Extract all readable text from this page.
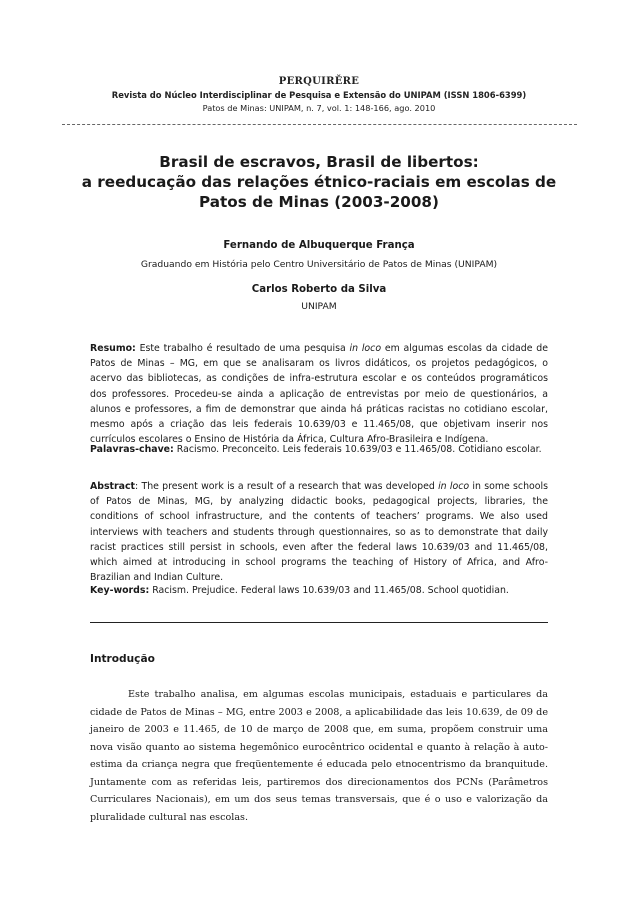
PERQUIRĚRE
Revista do Núcleo Interdisciplinar de Pesquisa e Extensão do UNIPAM (ISSN 1806-6399)
Patos de Minas: UNIPAM, n. 7, vol. 1: 148-166, ago. 2010
Brasil de escravos, Brasil de libertos:
a reeducação das relações étnico-raciais em escolas de
Patos de Minas (2003-2008)
Fernando de Albuquerque França
Graduando em História pelo Centro Universitário de Patos de Minas (UNIPAM)
Carlos Roberto da Silva
UNIPAM
Resumo: Este trabalho é resultado de uma pesquisa in loco em algumas escolas da cidade de Patos de Minas – MG, em que se analisaram os livros didáticos, os projetos pedagógicos, o acervo das bibliotecas, as condições de infra-estrutura escolar e os conteúdos programáticos dos professores. Procedeu-se ainda a aplicação de entrevistas por meio de questionários, a alunos e professores, a fim de demonstrar que ainda há práticas racistas no cotidiano escolar, mesmo após a criação das leis federais 10.639/03 e 11.465/08, que objetivam inserir nos currículos escolares o Ensino de História da África, Cultura Afro-Brasileira e Indígena.
Palavras-chave: Racismo. Preconceito. Leis federais 10.639/03 e 11.465/08. Cotidiano escolar.
Abstract: The present work is a result of a research that was developed in loco in some schools of Patos de Minas, MG, by analyzing didactic books, pedagogical projects, libraries, the conditions of school infrastructure, and the contents of teachers’ programs. We also used interviews with teachers and students through questionnaires, so as to demonstrate that daily racist practices still persist in schools, even after the federal laws 10.639/03 and 11.465/08, which aimed at introducing in school programs the teaching of History of Africa, and Afro-Brazilian and Indian Culture.
Key-words: Racism. Prejudice. Federal laws 10.639/03 and 11.465/08. School quotidian.
Introdução
Este trabalho analisa, em algumas escolas municipais, estaduais e particulares da cidade de Patos de Minas – MG, entre 2003 e 2008, a aplicabilidade das leis 10.639, de 09 de janeiro de 2003 e 11.465, de 10 de março de 2008 que, em suma, propõem construir uma nova visão quanto ao sistema hegemônico eurocêntrico ocidental e quanto à relação à auto-estima da criança negra que freqüentemente é educada pelo etnocentrismo da branquitude. Juntamente com as referidas leis, partiremos dos direcionamentos dos PCNs (Parâmetros Curriculares Nacionais), em um dos seus temas transversais, que é o uso e valorização da pluralidade cultural nas escolas.
